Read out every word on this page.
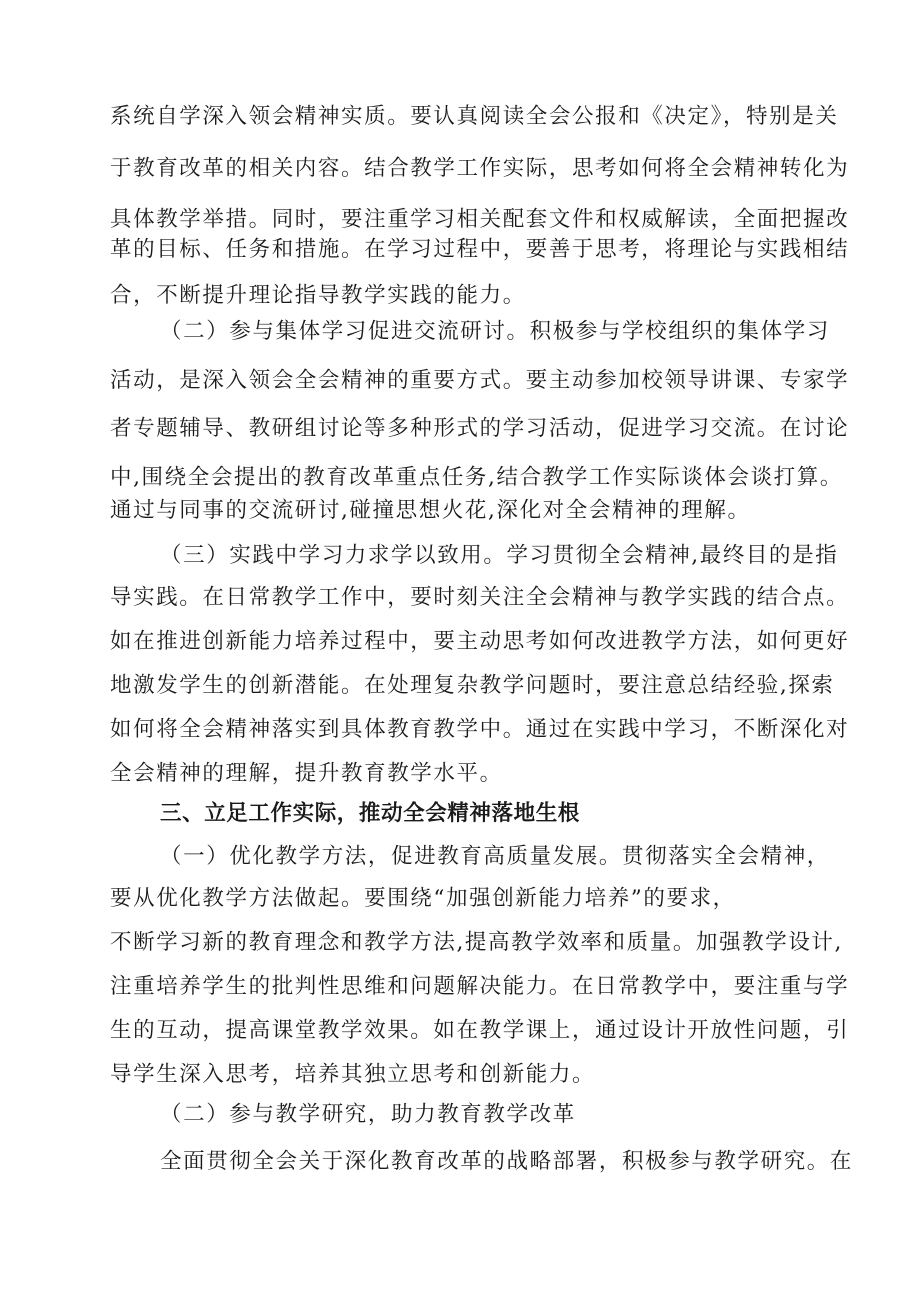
系统自学深入领会精神实质。要认真阅读全会公报和《决定》，特别是关
于教育改革的相关内容。结合教学工作实际，思考如何将全会精神转化为
具体教学举措。同时，要注重学习相关配套文件和权威解读，全面把握改
革的目标、任务和措施。在学习过程中，要善于思考，将理论与实践相结
合，不断提升理论指导教学实践的能力。
（二）参与集体学习促进交流研讨。积极参与学校组织的集体学习
活动，是深入领会全会精神的重要方式。要主动参加校领导讲课、专家学
者专题辅导、教研组讨论等多种形式的学习活动，促进学习交流。在讨论
中,围绕全会提出的教育改革重点任务,结合教学工作实际谈体会谈打算。
通过与同事的交流研讨,碰撞思想火花,深化对全会精神的理解。
（三）实践中学习力求学以致用。学习贯彻全会精神,最终目的是指
导实践。在日常教学工作中，要时刻关注全会精神与教学实践的结合点。
如在推进创新能力培养过程中，要主动思考如何改进教学方法，如何更好
地激发学生的创新潜能。在处理复杂教学问题时，要注意总结经验,探索
如何将全会精神落实到具体教育教学中。通过在实践中学习，不断深化对
全会精神的理解，提升教育教学水平。
三、立足工作实际，推动全会精神落地生根
（一）优化教学方法，促进教育高质量发展。贯彻落实全会精神，
要从优化教学方法做起。要围绕“加强创新能力培养”的要求，
不断学习新的教育理念和教学方法,提高教学效率和质量。加强教学设计,
注重培养学生的批判性思维和问题解决能力。在日常教学中，要注重与学
生的互动，提高课堂教学效果。如在教学课上，通过设计开放性问题，引
导学生深入思考，培养其独立思考和创新能力。
（二）参与教学研究，助力教育教学改革
全面贯彻全会关于深化教育改革的战略部署，积极参与教学研究。在
